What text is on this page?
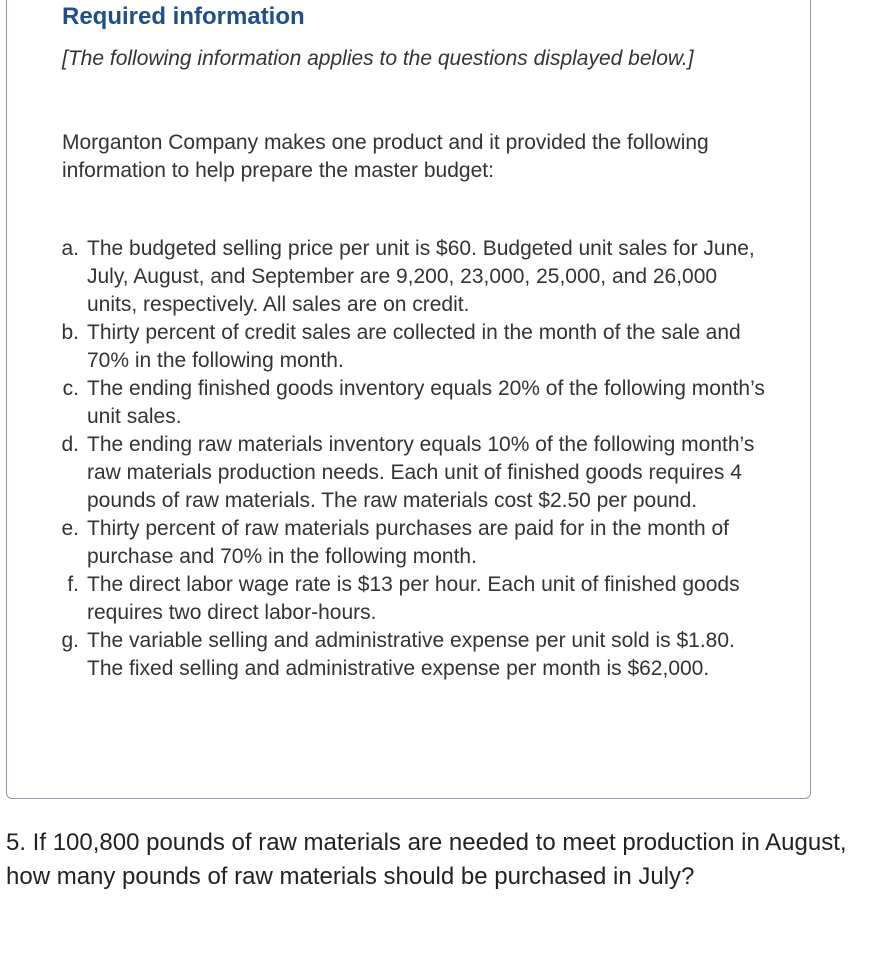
Required information

[The following information applies to the questions displayed below.]

Morganton Company makes one product and it provided the following information to help prepare the master budget:

a. The budgeted selling price per unit is $60. Budgeted unit sales for June, July, August, and September are 9,200, 23,000, 25,000, and 26,000 units, respectively. All sales are on credit.
b. Thirty percent of credit sales are collected in the month of the sale and 70% in the following month.
c. The ending finished goods inventory equals 20% of the following month’s unit sales.
d. The ending raw materials inventory equals 10% of the following month’s raw materials production needs. Each unit of finished goods requires 4 pounds of raw materials. The raw materials cost $2.50 per pound.
e. Thirty percent of raw materials purchases are paid for in the month of purchase and 70% in the following month.
f. The direct labor wage rate is $13 per hour. Each unit of finished goods requires two direct labor-hours.
g. The variable selling and administrative expense per unit sold is $1.80. The fixed selling and administrative expense per month is $62,000.

5. If 100,800 pounds of raw materials are needed to meet production in August, how many pounds of raw materials should be purchased in July?
